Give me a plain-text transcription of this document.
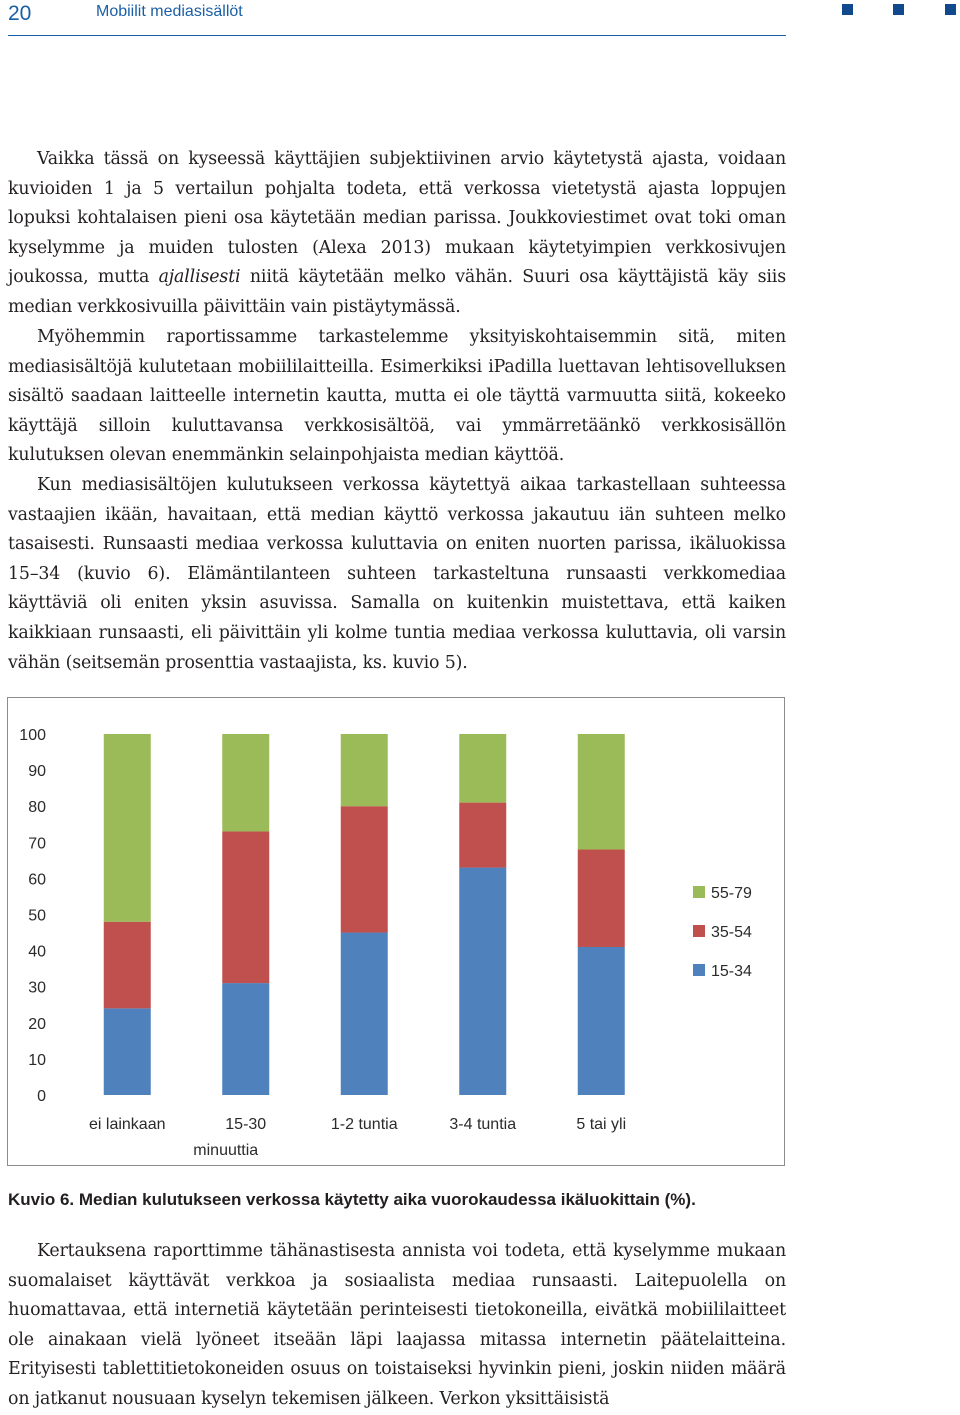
20	Mobiilit mediasisällöt

Vaikka tässä on kyseessä käyttäjien subjektiivinen arvio käytetystä ajasta, voidaan kuvioiden 1 ja 5 vertailun pohjalta todeta, että verkossa vietetystä ajasta loppujen lopuksi kohtalaisen pieni osa käytetään median parissa. Joukkoviestimet ovat toki oman kyselymme ja muiden tulosten (Alexa 2013) mukaan käytetyimpien verkkosivujen joukossa, mutta ajallisesti niitä käytetään melko vähän. Suuri osa käyttäjistä käy siis median verkkosivuilla päivittäin vain pistäytymässä.

Myöhemmin raportissamme tarkastelemme yksityiskohtaisemmin sitä, miten mediasisältöjä kulutetaan mobiililaitteilla. Esimerkiksi iPadilla luettavan lehtisovelluksen sisältö saadaan laitteelle internetin kautta, mutta ei ole täyttä varmuutta siitä, kokeeko käyttäjä silloin kuluttavansa verkkosisältöä, vai ymmärretäänkö verkkosisällön kulutuksen olevan enemmänkin selainpohjaista median käyttöä.

Kun mediasisältöjen kulutukseen verkossa käytettyä aikaa tarkastellaan suhteessa vastaajien ikään, havaitaan, että median käyttö verkossa jakautuu iän suhteen melko tasaisesti. Runsaasti mediaa verkossa kuluttavia on eniten nuorten parissa, ikäluokissa 15–34 (kuvio 6). Elämäntilanteen suhteen tarkasteltuna runsaasti verkkomediaa käyttäviä oli eniten yksin asuvissa. Samalla on kuitenkin muistettava, että kaiken kaikkiaan runsaasti, eli päivittäin yli kolme tuntia mediaa verkossa kuluttavia, oli varsin vähän (seitsemän prosenttia vastaajista, ks. kuvio 5).

0
10
20
30
40
50
60
70
80
90
100
ei lainkaan	15-30
minuuttia
1-2 tuntia	3-4 tuntia	5 tai yli
55-79
35-54
15-34

Kuvio 6. Median kulutukseen verkossa käytetty aika vuorokaudessa ikäluokittain (%).

Kertauksena raporttimme tähänastisesta annista voi todeta, että kyselymme mukaan suomalaiset käyttävät verkkoa ja sosiaalista mediaa runsaasti. Laitepuolella on huomattavaa, että internetiä käytetään perinteisesti tietokoneilla, eivätkä mobiililaitteet ole ainakaan vielä lyöneet itseään läpi laajassa mitassa internetin päätelaitteina. Erityisesti tablettitietokoneiden osuus on toistaiseksi hyvinkin pieni, joskin niiden määrä on jatkanut nousuaan kyselyn tekemisen jälkeen. Verkon yksittäisistä
